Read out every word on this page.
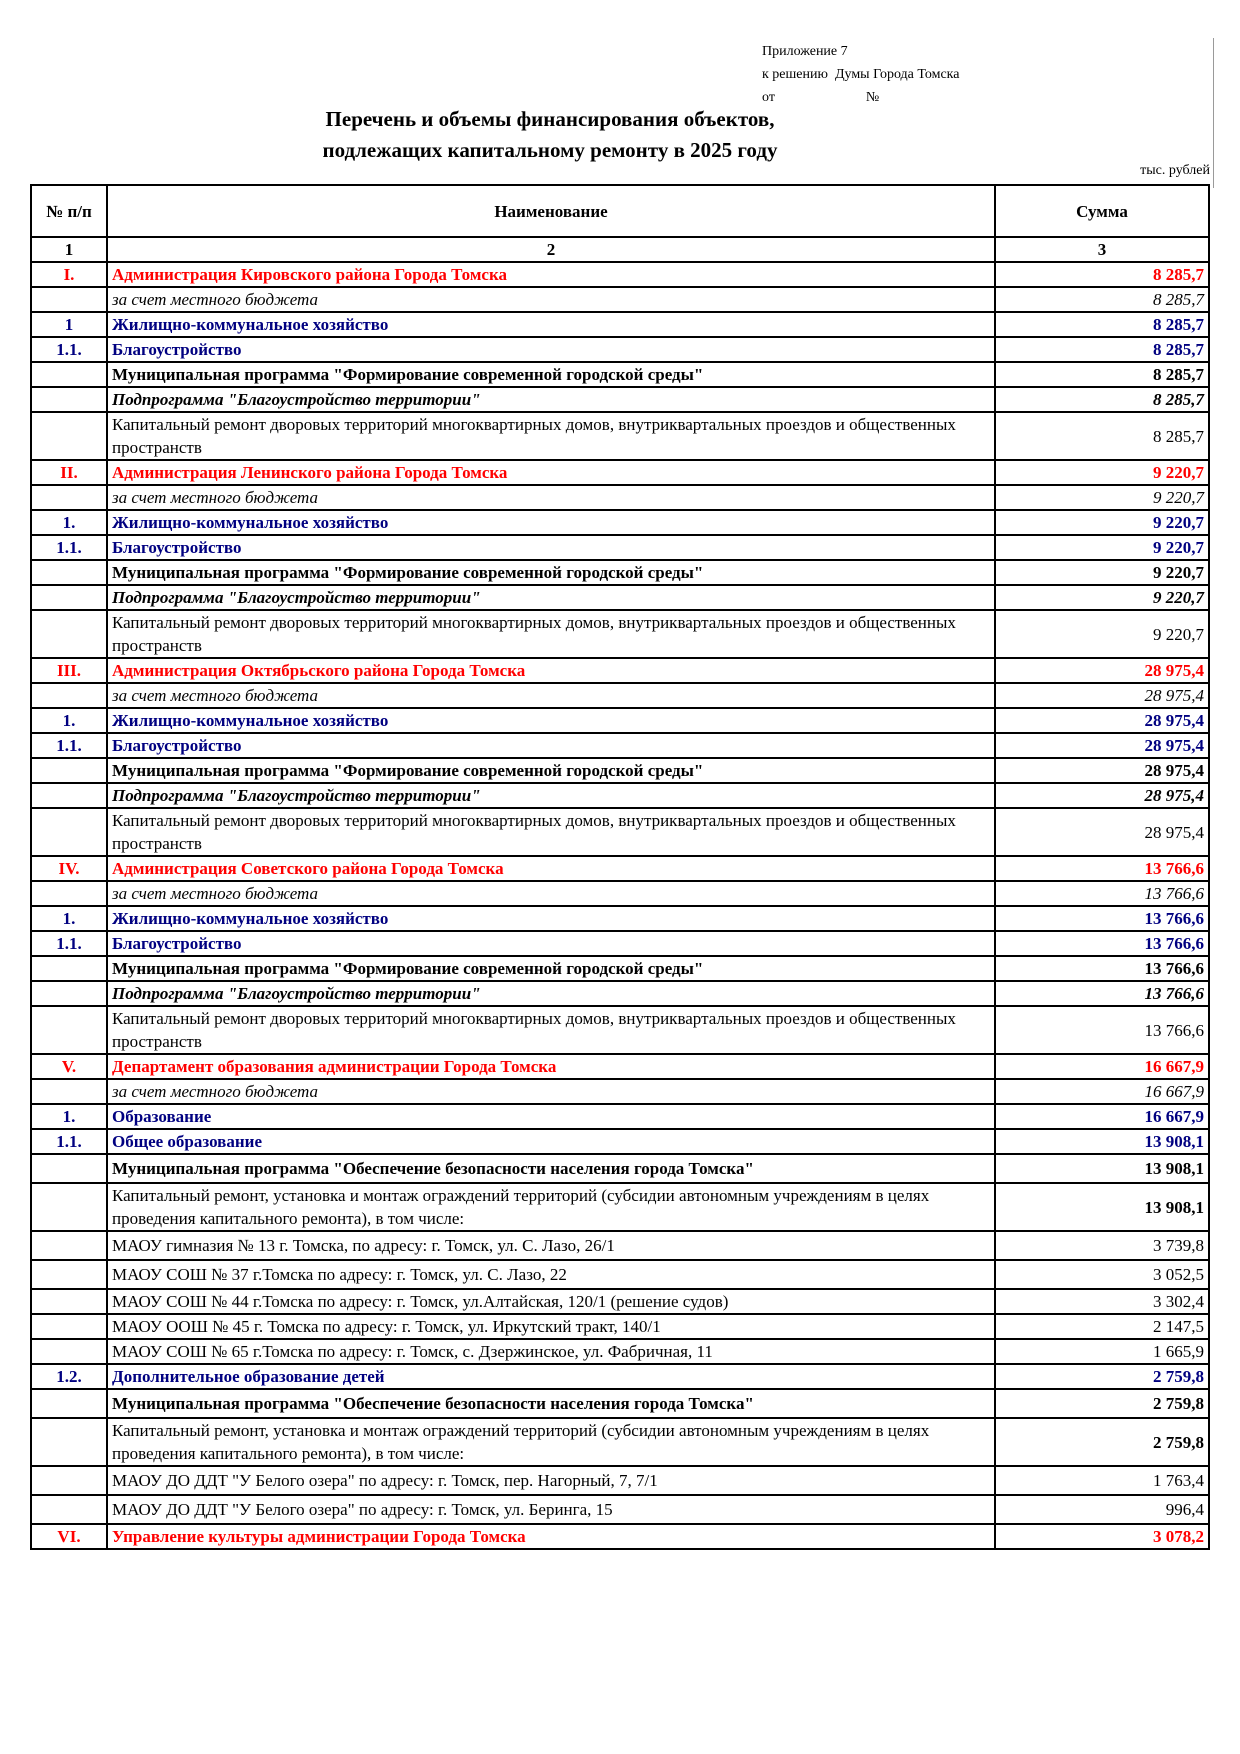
Приложение 7
к решению  Думы Города Томска
от                          №
Перечень и объемы финансирования объектов,
подлежащих капитальному ремонту в 2025 году
тыс. рублей
№ п/п	Наименование	Сумма
1	2	3
I.	Администрация Кировского района Города Томска	8 285,7
	за счет местного бюджета	8 285,7
1	Жилищно-коммунальное хозяйство	8 285,7
1.1.	Благоустройство	8 285,7
	Муниципальная программа "Формирование современной городской среды"	8 285,7
	Подпрограмма "Благоустройство территории"	8 285,7
	Капитальный ремонт дворовых территорий многоквартирных домов, внутриквартальных проездов и общественных пространств	8 285,7
II.	Администрация Ленинского района Города Томска	9 220,7
	за счет местного бюджета	9 220,7
1.	Жилищно-коммунальное хозяйство	9 220,7
1.1.	Благоустройство	9 220,7
	Муниципальная программа "Формирование современной городской среды"	9 220,7
	Подпрограмма "Благоустройство территории"	9 220,7
	Капитальный ремонт дворовых территорий многоквартирных домов, внутриквартальных проездов и общественных пространств	9 220,7
III.	Администрация Октябрьского района Города Томска	28 975,4
	за счет местного бюджета	28 975,4
1.	Жилищно-коммунальное хозяйство	28 975,4
1.1.	Благоустройство	28 975,4
	Муниципальная программа "Формирование современной городской среды"	28 975,4
	Подпрограмма "Благоустройство территории"	28 975,4
	Капитальный ремонт дворовых территорий многоквартирных домов, внутриквартальных проездов и общественных пространств	28 975,4
IV.	Администрация Советского района Города Томска	13 766,6
	за счет местного бюджета	13 766,6
1.	Жилищно-коммунальное хозяйство	13 766,6
1.1.	Благоустройство	13 766,6
	Муниципальная программа "Формирование современной городской среды"	13 766,6
	Подпрограмма "Благоустройство территории"	13 766,6
	Капитальный ремонт дворовых территорий многоквартирных домов, внутриквартальных проездов и общественных пространств	13 766,6
V.	Департамент образования администрации Города Томска	16 667,9
	за счет местного бюджета	16 667,9
1.	Образование	16 667,9
1.1.	Общее образование	13 908,1
	Муниципальная программа "Обеспечение безопасности населения города Томска"	13 908,1
	Капитальный ремонт, установка и монтаж ограждений территорий (субсидии автономным учреждениям в целях проведения капитального ремонта), в том числе:	13 908,1
	МАОУ гимназия № 13 г. Томска, по адресу: г. Томск, ул. С. Лазо, 26/1	3 739,8
	МАОУ СОШ № 37 г.Томска по адресу: г. Томск, ул. С. Лазо, 22	3 052,5
	МАОУ СОШ № 44 г.Томска по адресу: г. Томск, ул.Алтайская, 120/1 (решение судов)	3 302,4
	МАОУ ООШ № 45 г. Томска по адресу: г. Томск, ул. Иркутский тракт, 140/1	2 147,5
	МАОУ СОШ № 65 г.Томска по адресу: г. Томск, с. Дзержинское, ул. Фабричная, 11	1 665,9
1.2.	Дополнительное образование детей	2 759,8
	Муниципальная программа "Обеспечение безопасности населения города Томска"	2 759,8
	Капитальный ремонт, установка и монтаж ограждений территорий (субсидии автономным учреждениям в целях проведения капитального ремонта), в том числе:	2 759,8
	МАОУ ДО ДДТ "У Белого озера" по адресу: г. Томск, пер. Нагорный, 7, 7/1	1 763,4
	МАОУ ДО ДДТ "У Белого озера" по адресу: г. Томск, ул. Беринга, 15	996,4
VI.	Управление культуры администрации Города Томска	3 078,2
